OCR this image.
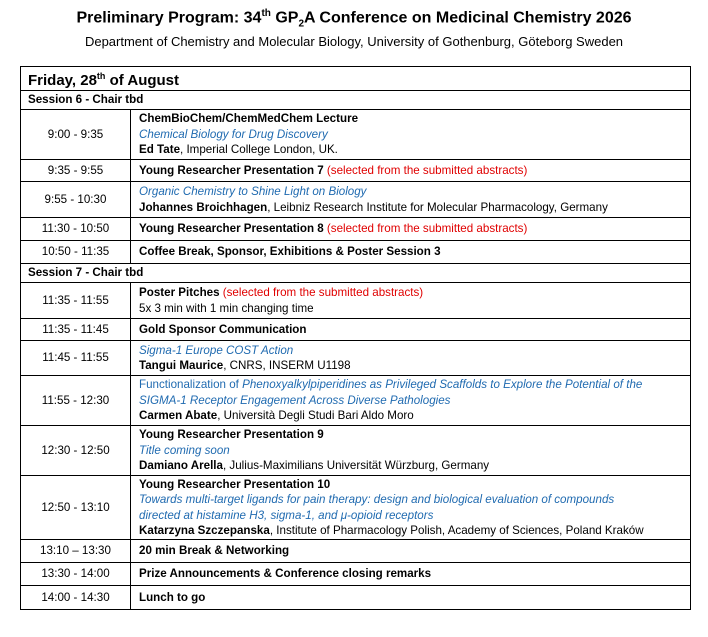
Preliminary Program: 34th $GP_2A$ Conference on Medicinal Chemistry 2026
Department of Chemistry and Molecular Biology, University of Gothenburg, Göteborg Sweden
Friday, 28th of August	
Session 6 - Chair tbd	
9:00 - 9:35	ChemBioChem/ChemMedChem Lecture
Chemical Biology for Drug Discovery
Ed Tate, Imperial College London, UK.

9:35 - 9:55	Young Researcher Presentation 7 (selected from the submitted abstracts)
9:55 - 10:30	Organic Chemistry to Shine Light on Biology
Johannes Broichhagen, Leibniz Research Institute for Molecular Pharmacology, Germany

11:30 - 10:50	Young Researcher Presentation 8 (selected from the submitted abstracts)
10:50 - 11:35	Coffee Break, Sponsor, Exhibitions & Poster Session 3
Session 7 - Chair tbd	
11:35 - 11:55	Poster Pitches (selected from the submitted abstracts)
5x 3 min with 1 min changing time

11:35 - 11:45	Gold Sponsor Communication
11:45 - 11:55	Sigma-1 Europe COST Action
Tangui Maurice, CNRS, INSERM U1198

11:55 - 12:30	Functionalization of Phenoxyalkylpiperidines as Privileged Scaffolds to Explore the Potential of the
SIGMA-1 Receptor Engagement Across Diverse Pathologies
Carmen Abate, Università Degli Studi Bari Aldo Moro

12:30 - 12:50	Young Researcher Presentation 9
Title coming soon
Damiano Arella, Julius-Maximilians Universität Würzburg, Germany

12:50 - 13:10	Young Researcher Presentation 10
Towards multi-target ligands for pain therapy: design and biological evaluation of compounds
directed at histamine H3, sigma-1, and μ-opioid receptors
Katarzyna Szczepanska, Institute of Pharmacology Polish, Academy of Sciences, Poland Kraków

13:10 – 13:30	20 min Break & Networking
13:30 - 14:00	Prize Announcements & Conference closing remarks
14:00 - 14:30	Lunch to go
